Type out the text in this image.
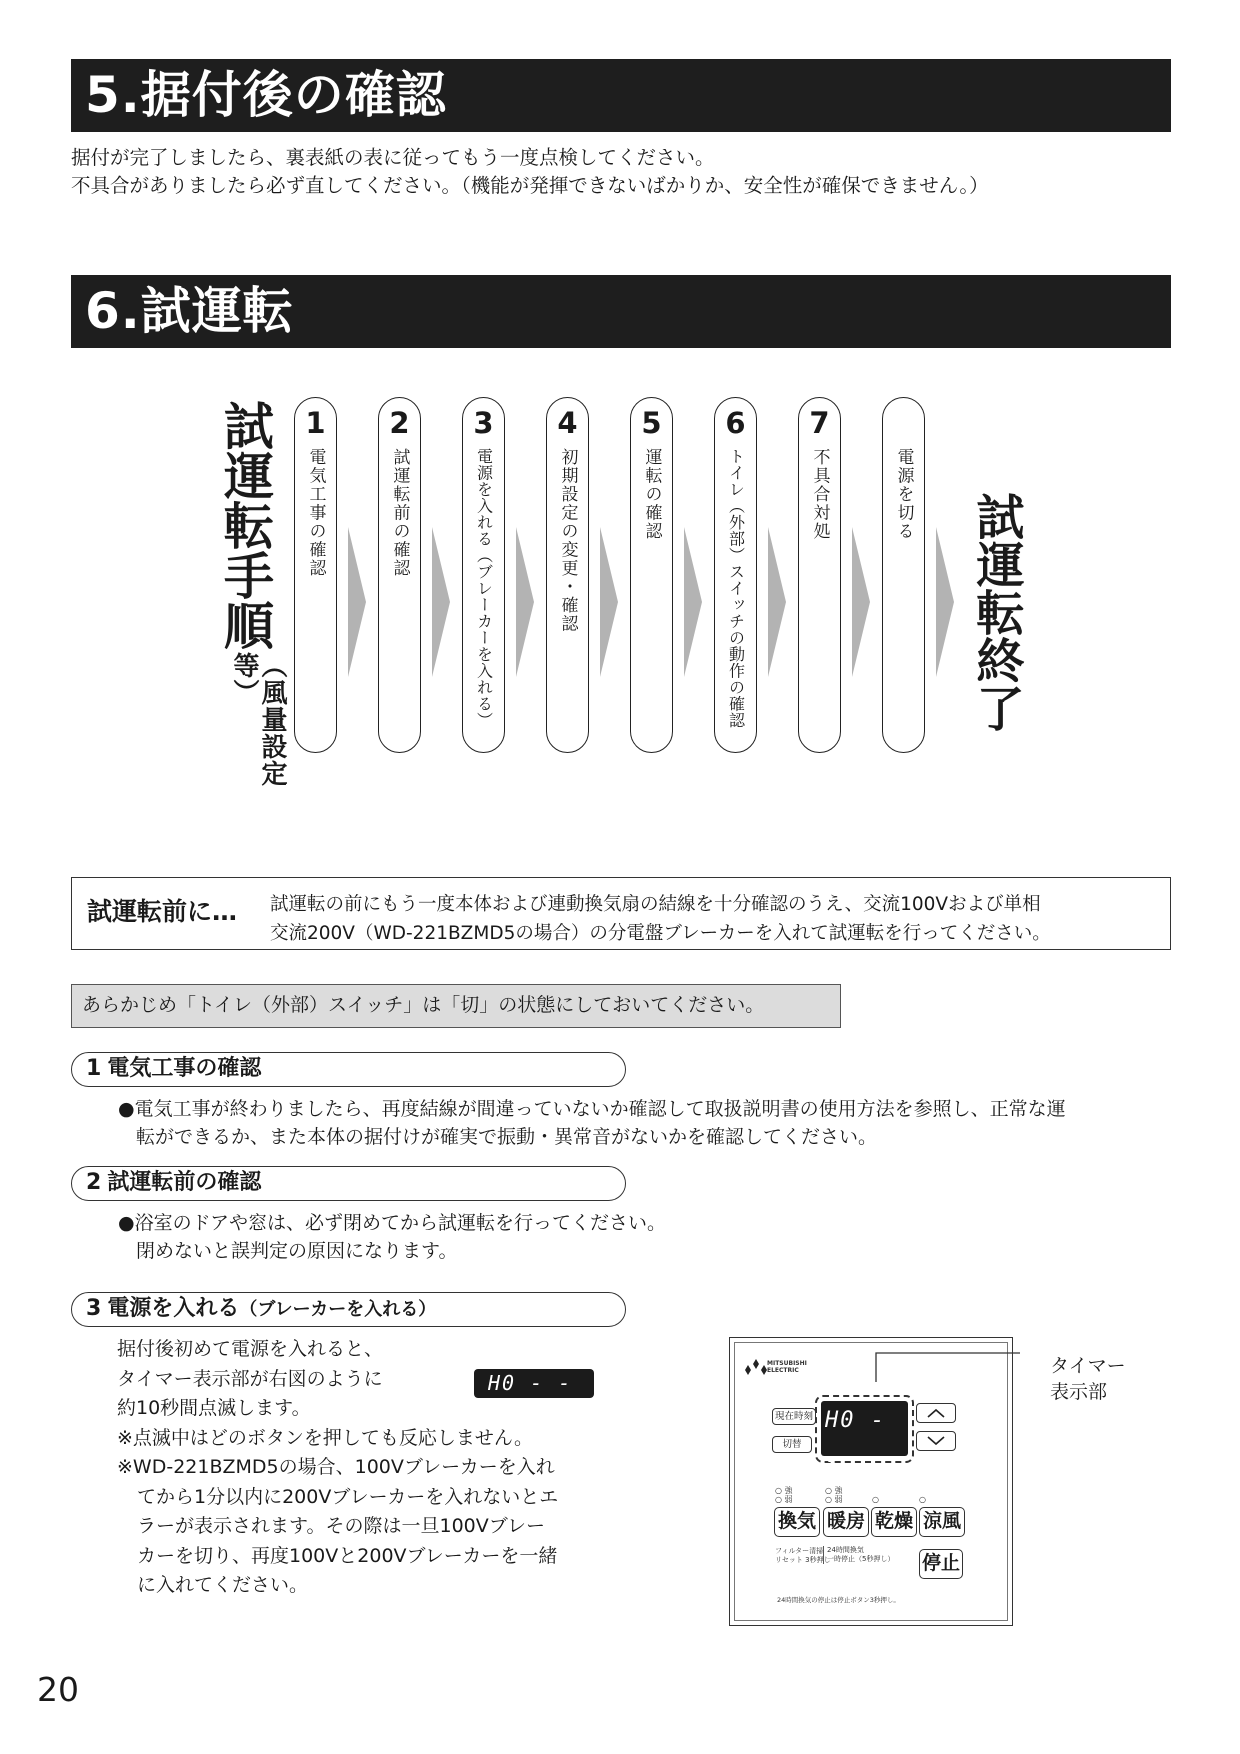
5.据付後の確認
据付が完了しましたら、裏表紙の表に従ってもう一度点検してください。
不具合がありましたら必ず直してください。（機能が発揮できないばかりか、安全性が確保できません。）
6.試運転
試運転手順
（風量設定等）
1
電気工事の確認
2
試運転前の確認
3
電源を入れる（ブレーカーを入れる）
4
初期設定の変更・確認
5
運転の確認
6
トイレ（外部）スイッチの動作の確認
7
不具合対処	電源を切る 試運転終了
試運転前に… 試運転の前にもう一度本体および連動換気扇の結線を十分確認のうえ、交流100Vおよび単相
交流200V（WD-221BZMD5の場合）の分電盤ブレーカーを入れて試運転を行ってください。
あらかじめ「トイレ（外部）スイッチ」は「切」の状態にしておいてください。
1 電気工事の確認
●電気工事が終わりましたら、再度結線が間違っていないか確認して取扱説明書の使用方法を参照し、正常な運
転ができるか、また本体の据付けが確実で振動・異常音がないかを確認してください。
2 試運転前の確認
●浴室のドアや窓は、必ず閉めてから試運転を行ってください。
閉めないと誤判定の原因になります。
3 電源を入れる（ブレーカーを入れる）
据付後初めて電源を入れると、
タイマー表示部が右図のように
約10秒間点滅します。
※点滅中はどのボタンを押しても反応しません。
※WD-221BZMD5の場合、100Vブレーカーを入れ
てから1分以内に200Vブレーカーを入れないとエ
ラーが表示されます。その際は一旦100Vブレー
カーを切り、再度100Vと200Vブレーカーを一緒
に入れてください。
H0 - -
MITSUBISHI
ELECTRIC
現在時刻
切替
H0 - -
○ 強
○ 弱
○ 強
○ 弱	○	○
換気 暖房 乾燥 涼風
フィルター清掃
リセット 3秒押し
24時間換気
一時停止（5秒押し） 停止
24時間換気の停止は停止ボタン3秒押し。
タイマー
表示部
20
